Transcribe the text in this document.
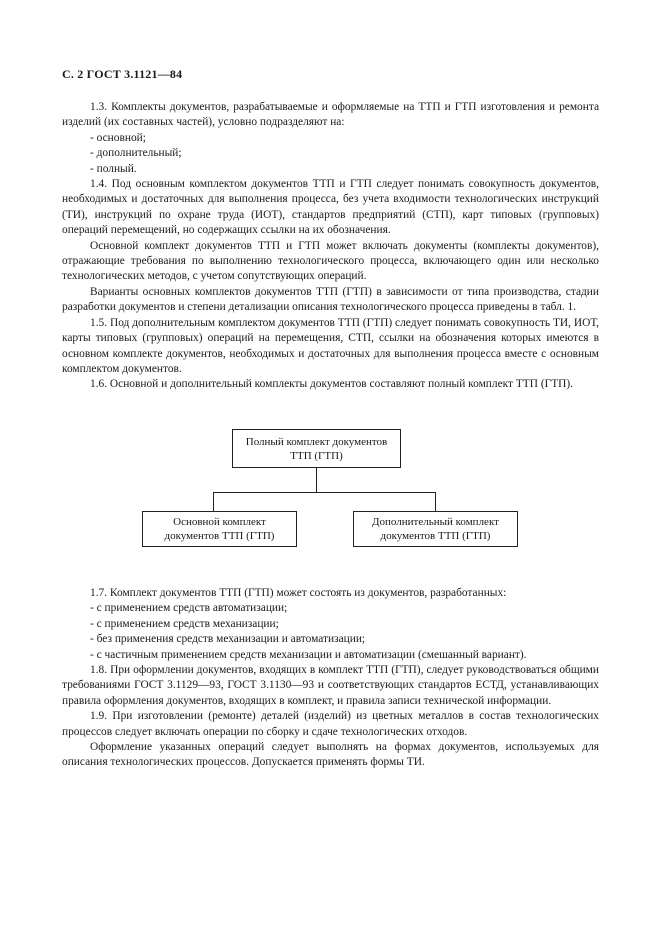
С. 2 ГОСТ 3.1121—84

1.3. Комплекты документов, разрабатываемые и оформляемые на ТТП и ГТП изготовления и ремонта изделий (их составных частей), условно подразделяют на:

- основной;

- дополнительный;

- полный.

1.4. Под основным комплектом документов ТТП и ГТП следует понимать совокупность документов, необходимых и достаточных для выполнения процесса, без учета входимости технологических инструкций (ТИ), инструкций по охране труда (ИОТ), стандартов предприятий (СТП), карт типовых (групповых) операций перемещений, но содержащих ссылки на их обозначения.

Основной комплект документов ТТП и ГТП может включать документы (комплекты документов), отражающие требования по выполнению технологического процесса, включающего один или несколько технологических методов, с учетом сопутствующих операций.

Варианты основных комплектов документов ТТП (ГТП) в зависимости от типа производства, стадии разработки документов и степени детализации описания технологического процесса приведены в табл. 1.

1.5. Под дополнительным комплектом документов ТТП (ГТП) следует понимать совокупность ТИ, ИОТ, карты типовых (групповых) операций на перемещения, СТП, ссылки на обозначения которых имеются в основном комплекте документов, необходимых и достаточных для выполнения процесса вместе с основным комплектом документов.

1.6. Основной и дополнительный комплекты документов составляют полный комплект ТТП (ГТП).

Полный комплект документов
ТТП (ГТП)
Основной комплект
документов ТТП (ГТП)
Дополнительный комплект
документов ТТП (ГТП)

1.7. Комплект документов ТТП (ГТП) может состоять из документов, разработанных:

- с применением средств автоматизации;

- с применением средств механизации;

- без применения средств механизации и автоматизации;

- с частичным применением средств механизации и автоматизации (смешанный вариант).

1.8. При оформлении документов, входящих в комплект ТТП (ГТП), следует руководствоваться общими требованиями ГОСТ 3.1129—93, ГОСТ 3.1130—93 и соответствующих стандартов ЕСТД, устанавливающих правила оформления документов, входящих в комплект, и правила записи технической информации.

1.9. При изготовлении (ремонте) деталей (изделий) из цветных металлов в состав технологических процессов следует включать операции по сборку и сдаче технологических отходов.

Оформление указанных операций следует выполнять на формах документов, используемых для описания технологических процессов. Допускается применять формы ТИ.
